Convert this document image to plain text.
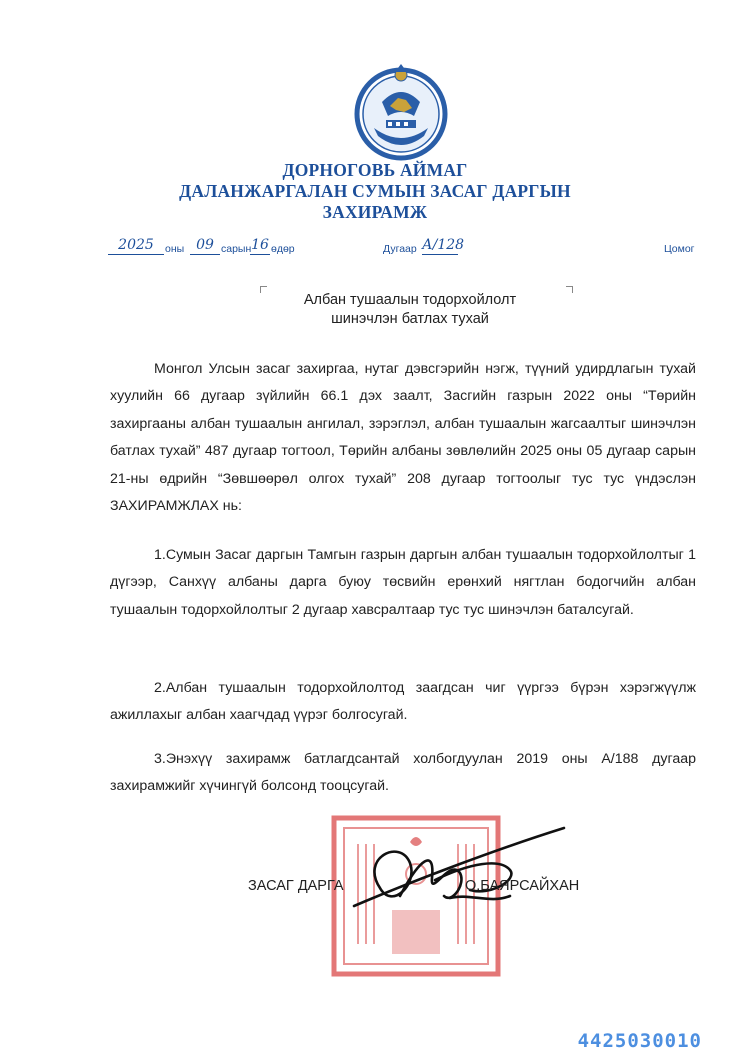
ДОРНОГОВЬ АЙМАГ
ДАЛАНЖАРГАЛАН СУМЫН ЗАСАГ ДАРГЫН
ЗАХИРАМЖ
2025	оны 09 сарын 16 өдөр	Дугаар А/128	Цомог
Албан тушаалын тодорхойлолт
шинэчлэн батлах тухай
Монгол Улсын засаг захиргаа, нутаг дэвсгэрийн нэгж, түүний удирдлагын тухай хуулийн 66 дугаар зүйлийн 66.1 дэх заалт, Засгийн газрын 2022 оны “Төрийн захиргааны албан тушаалын ангилал, зэрэглэл, албан тушаалын жагсаалтыг шинэчлэн батлах тухай” 487 дугаар тогтоол, Төрийн албаны зөвлөлийн 2025 оны 05 дугаар сарын 21-ны өдрийн “Зөвшөөрөл олгох тухай” 208 дугаар тогтоолыг тус тус үндэслэн ЗАХИРАМЖЛАХ нь:
1.Сумын Засаг даргын Тамгын газрын даргын албан тушаалын тодорхойлолтыг 1 дүгээр, Санхүү албаны дарга буюу төсвийн ерөнхий нягтлан бодогчийн албан тушаалын тодорхойлолтыг 2 дугаар хавсралтаар тус тус шинэчлэн баталсугай.
2.Албан тушаалын тодорхойлолтод заагдсан чиг үүргээ бүрэн хэрэгжүүлж ажиллахыг албан хаагчдад үүрэг болгосугай.
3.Энэхүү захирамж батлагдсантай холбогдуулан 2019 оны А/188 дугаар захирамжийг хүчингүй болсонд тооцсугай.
ЗАСАГ ДАРГА	О.БАЯРСАЙХАН
4425030010
